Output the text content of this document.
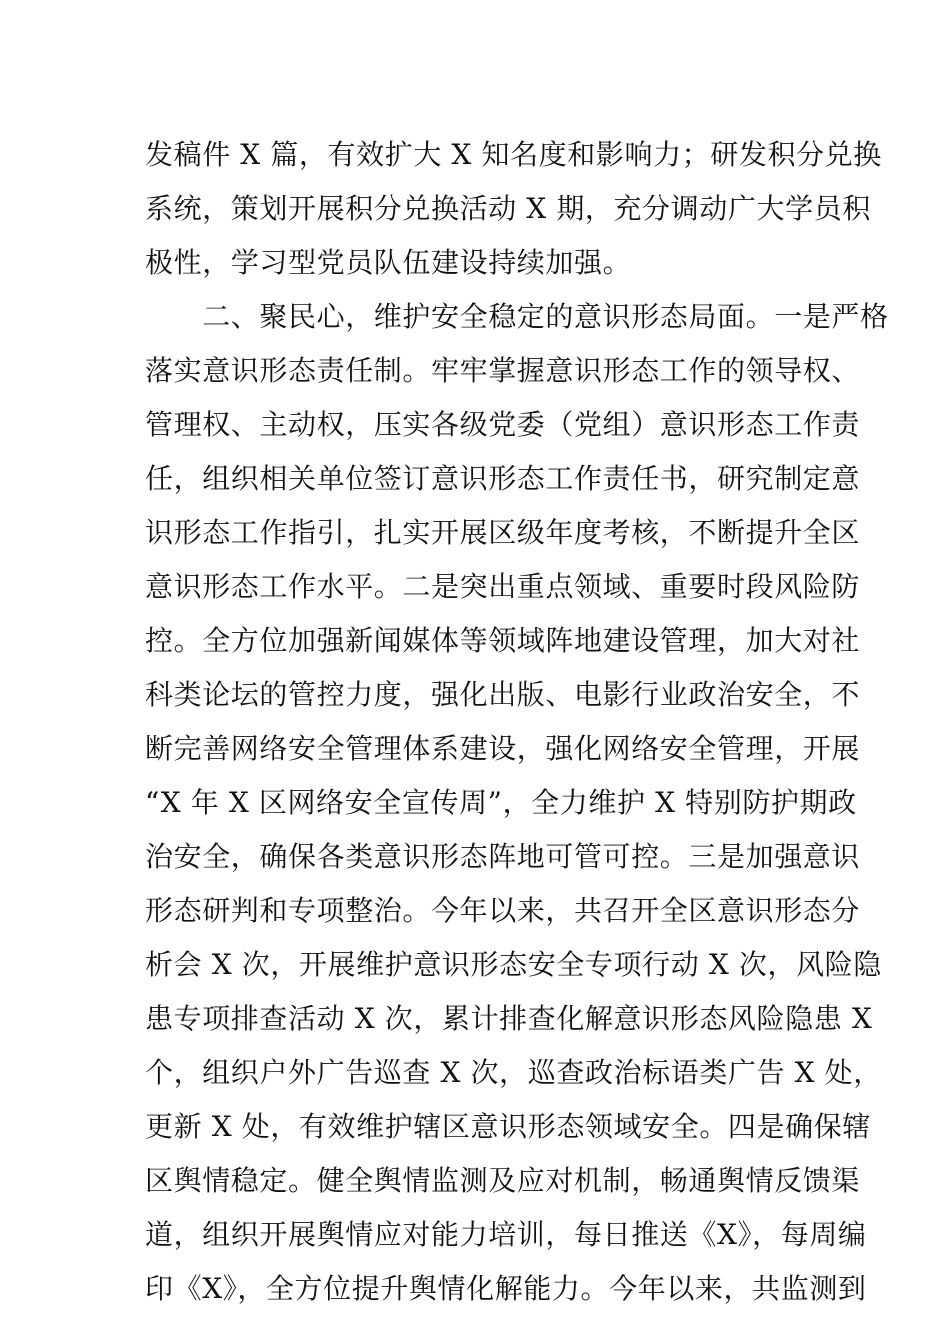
发稿件 X 篇，有效扩大 X 知名度和影响力；研发积分兑换
系统，策划开展积分兑换活动 X 期，充分调动广大学员积
极性，学习型党员队伍建设持续加强。
　　二、聚民心，维护安全稳定的意识形态局面。一是严格
落实意识形态责任制。牢牢掌握意识形态工作的领导权、
管理权、主动权，压实各级党委（党组）意识形态工作责
任，组织相关单位签订意识形态工作责任书，研究制定意
识形态工作指引，扎实开展区级年度考核，不断提升全区
意识形态工作水平。二是突出重点领域、重要时段风险防
控。全方位加强新闻媒体等领域阵地建设管理，加大对社
科类论坛的管控力度，强化出版、电影行业政治安全，不
断完善网络安全管理体系建设，强化网络安全管理，开展
“X 年 X 区网络安全宣传周”，全力维护 X 特别防护期政
治安全，确保各类意识形态阵地可管可控。三是加强意识
形态研判和专项整治。今年以来，共召开全区意识形态分
析会 X 次，开展维护意识形态安全专项行动 X 次，风险隐
患专项排查活动 X 次，累计排查化解意识形态风险隐患 X
个，组织户外广告巡查 X 次，巡查政治标语类广告 X 处，
更新 X 处，有效维护辖区意识形态领域安全。四是确保辖
区舆情稳定。健全舆情监测及应对机制，畅通舆情反馈渠
道，组织开展舆情应对能力培训，每日推送《X》，每周编
印《X》，全方位提升舆情化解能力。今年以来，共监测到
